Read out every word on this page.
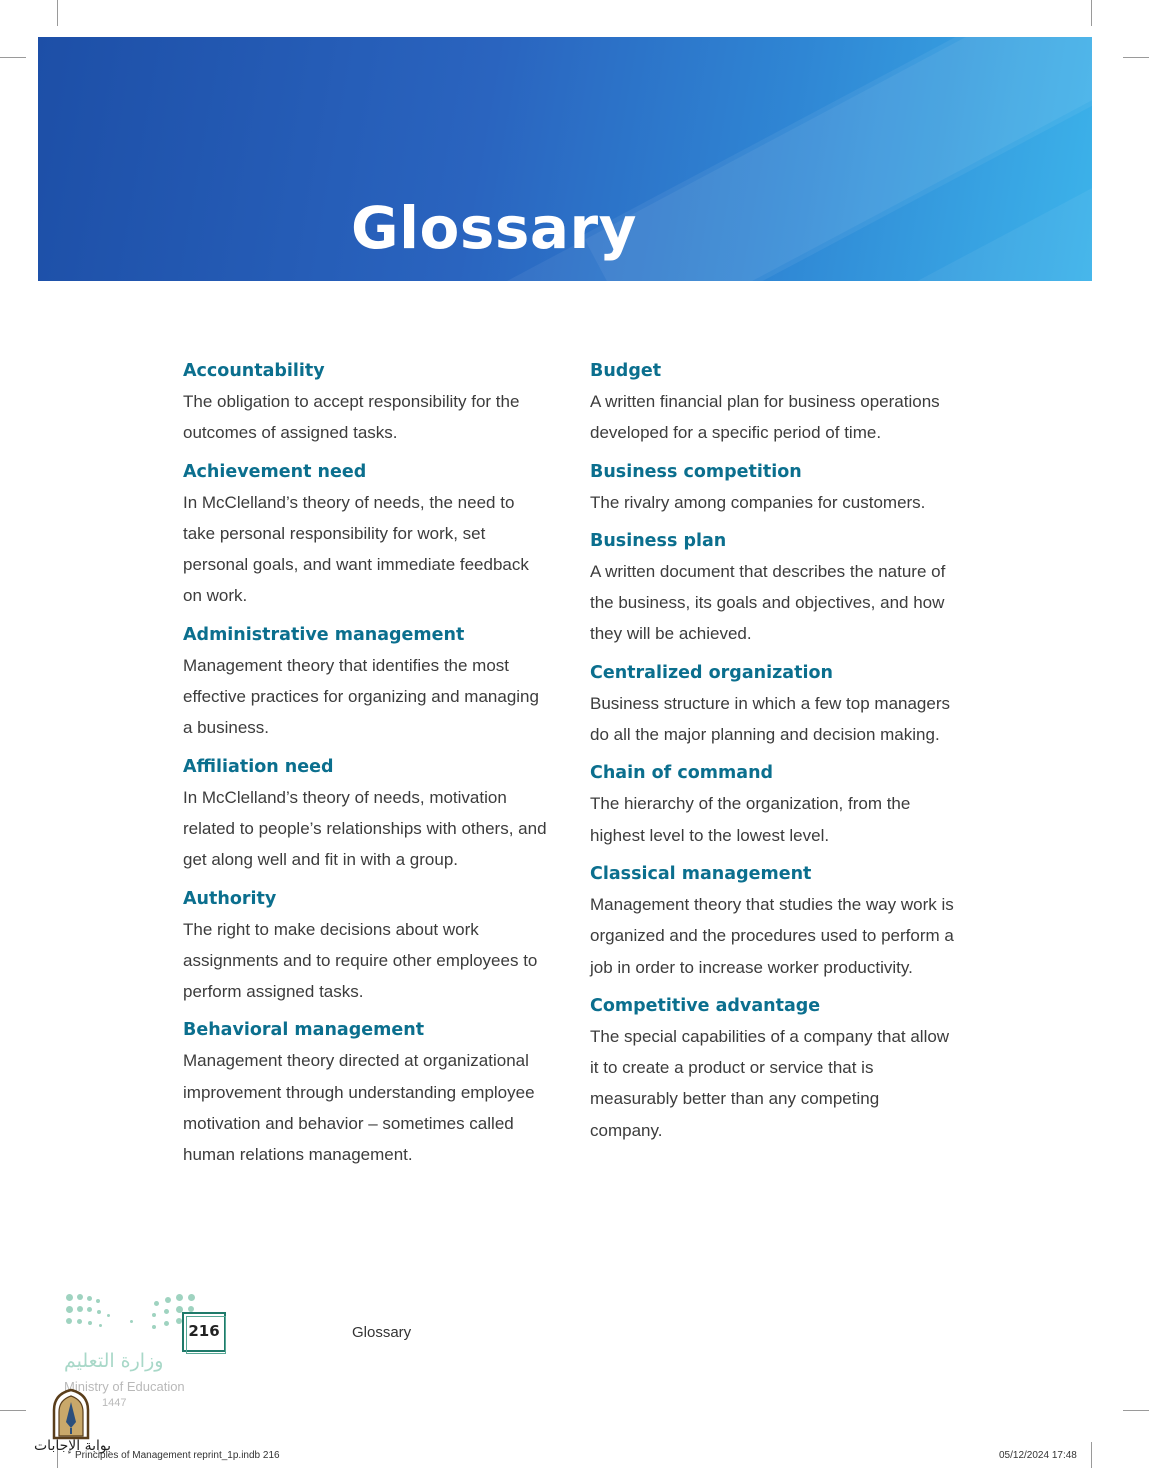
Glossary
Accountability
The obligation to accept responsibility for the outcomes of assigned tasks.
Achievement need
In McClelland’s theory of needs, the need to take personal responsibility for work, set personal goals, and want immediate feedback on work.
Administrative management
Management theory that identifies the most effective practices for organizing and managing a business.
Affiliation need
In McClelland’s theory of needs, motivation related to people’s relationships with others, and get along well and fit in with a group.
Authority
The right to make decisions about work assignments and to require other employees to perform assigned tasks.
Behavioral management
Management theory directed at organizational improvement through understanding employee motivation and behavior – sometimes called human relations management.
Budget
A written financial plan for business operations developed for a specific period of time.
Business competition
The rivalry among companies for customers.
Business plan
A written document that describes the nature of the business, its goals and objectives, and how they will be achieved.
Centralized organization
Business structure in which a few top managers do all the major planning and decision making.
Chain of command
The hierarchy of the organization, from the highest level to the lowest level.
Classical management
Management theory that studies the way work is organized and the procedures used to perform a job in order to increase worker productivity.
Competitive advantage
The special capabilities of a company that allow it to create a product or service that is measurably better than any competing company.
216	Glossary
وزارة التعليم
Ministry of Education
1447
بوابة الإجابات
Principles of Management reprint_1p.indb 216	05/12/2024 17:48
